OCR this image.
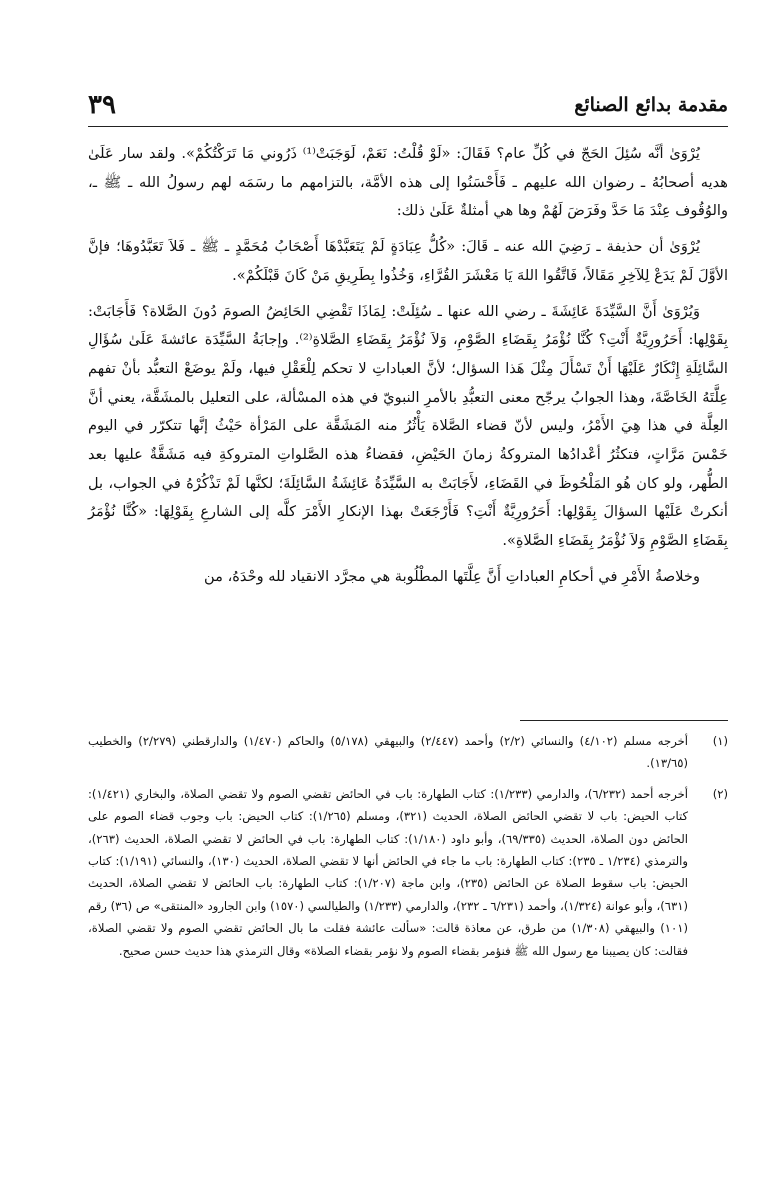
٣٩	مقدمة بدائع الصنائع

يُرْوَىٰ أنَّه سُئِلَ الحَجّ في كُلِّ عام؟ فَقَالَ: «لَوْ قُلْتُ: نَعَمْ، لَوَجَبَتْ⁽¹⁾ ذَرُوني مَا تَرَكْتُكُمْ». ولقد سار عَلَىٰ هديه أصحابُهُ ـ رضوان الله عليهم ـ فَأَحْسَنُوا إلى هذه الأمَّة، بالتزامهم ما رسَمَه لهم رسولُ الله ـ ﷺ ـ، والوُقُوف عِنْدَ مَا حَدَّ وفَرَضَ لَهُمْ وها هي أمثلةٌ عَلَىٰ ذلك:

يُرْوَىٰ أن حذيفة ـ رَضِيَ الله عنه ـ قَالَ: «كُلُّ عِبَادَةٍ لَمْ يَتَعَبَّدْهَا أَصْحَابُ مُحَمَّدٍ ـ ﷺ ـ فَلاَ تَعَبَّدُوهَا؛ فإنَّ الأوَّلَ لَمْ يَدَعْ لِلآخِرِ مَقَالاً، فَاتَّقُوا اللهَ يَا مَعْشَرَ القُرَّاءِ، وَخُذُوا بِطَرِيقِ مَنْ كَانَ قَبْلَكُمْ».

وَيُرْوَىٰ أَنَّ السَّيِّدَةَ عَائِشَةَ ـ رضي الله عنها ـ سُئِلَتْ: لِمَاذَا تَقْضِي الحَائِضُ الصومَ دُونَ الصَّلاة؟ فَأَجَابَتْ: بِقَوْلِها: أَحَرُورِيَّةٌ أَنْتِ؟ كُنَّا نُؤْمَرُ بِقَضَاءِ الصَّوْمِ، وَلاَ نُؤْمَرُ بِقَضَاءِ الصَّلاةِ⁽²⁾. وإجابَةُ السَّيِّدَة عائشةَ عَلَىٰ سُؤَالِ السَّائِلَةِ إِنْكَارٌ عَلَيْهَا أَنْ تَسْأَلَ مِثْلَ هَذا السؤال؛ لأنَّ العباداتِ لا تحكم لِلْعَقْلِ فيها، ولَمْ يوضَعْ التعبُّد بأنْ تفهم عِلَّتَهُ الخَاصَّةَ، وهذا الجوابُ يرجّح معنى التعبُّدِ بالأمرِ النبويّ في هذه المسْألة، على التعليل بالمشَقَّة، يعني أنَّ العِلَّة في هذا هِيَ الأَمْرُ، وليس لأنّ قضاء الصَّلاة يَأْثُرُ منه المَشَقَّة على المَرْأة حَيْثُ إنَّها تتكرّر في اليوم خَمْسَ مَرَّاتٍ، فتكثُرُ أعْدادُها المتروكةُ زمانَ الحَيْضِ، فقضاءُ هذه الصَّلواتِ المتروكةِ فيه مَشَقَّةٌ عليها بعد الطُّهر، ولو كان هُو المَلْحُوظَ في القَضَاءِ، لأَجَابَتْ به السَّيِّدَةُ عَائِشَةُ السَّائِلَةَ؛ لكنَّها لَمْ تَذْكُرْهُ في الجواب، بل أنكرتْ عَلَيْها السؤالَ بِقَوْلِها: أَحَرُورِيَّةٌ أَنْتِ؟ فَأَرْجَعَتْ بهذا الإنكارِ الأَمْرَ كلَّه إلى الشارعِ بِقَوْلِهَا: «كُنَّا نُؤْمَرُ بِقَضَاءِ الصَّوْمِ وَلاَ نُؤْمَرُ بِقَضَاءِ الصَّلاةِ».

وخلاصةُ الأَمْرِ في أحكامِ العباداتِ أَنَّ عِلَّتَها المطْلُوبة هي مجرَّد الانقياد لله وحْدَهُ، من

(١)
أخرجه مسلم (٤/١٠٢) والنسائي (٢/٢) وأحمد (٢/٤٤٧) والبيهقي (٥/١٧٨) والحاكم (١/٤٧٠) والدارقطني (٢/٢٧٩) والخطيب (١٣/٦٥).
(٢)
أخرجه أحمد (٦/٢٣٢)، والدارمي (١/٢٣٣): كتاب الطهارة: باب في الحائض تقضي الصوم ولا تقضي الصلاة، والبخاري (١/٤٢١): كتاب الحيض: باب لا تقضي الحائض الصلاة، الحديث (٣٢١)، ومسلم (١/٢٦٥): كتاب الحيض: باب وجوب قضاء الصوم على الحائض دون الصلاة، الحديث (٦٩/٣٣٥)، وأبو داود (١/١٨٠): كتاب الطهارة: باب في الحائض لا تقضي الصلاة، الحديث (٢٦٣)، والترمذي (١/٢٣٤ ـ ٢٣٥): كتاب الطهارة: باب ما جاء في الحائض أنها لا تقضي الصلاة، الحديث (١٣٠)، والنسائي (١/١٩١): كتاب الحيض: باب سقوط الصلاة عن الحائض (٢٣٥)، وابن ماجة (١/٢٠٧): كتاب الطهارة: باب الحائض لا تقضي الصلاة، الحديث (٦٣١)، وأبو عوانة (١/٣٢٤)، وأحمد (٦/٢٣١ ـ ٢٣٢)، والدارمي (١/٢٣٣) والطيالسي (١٥٧٠) وابن الجارود «المنتقى» ص (٣٦) رقم (١٠١) والبيهقي (١/٣٠٨) من طرق، عن معاذة قالت: «سألت عائشة فقلت ما بال الحائض تقضي الصوم ولا تقضي الصلاة، فقالت: كان يصيبنا مع رسول الله ﷺ فنؤمر بقضاء الصوم ولا نؤمر بقضاء الصلاة» وقال الترمذي هذا حديث حسن صحيح.
